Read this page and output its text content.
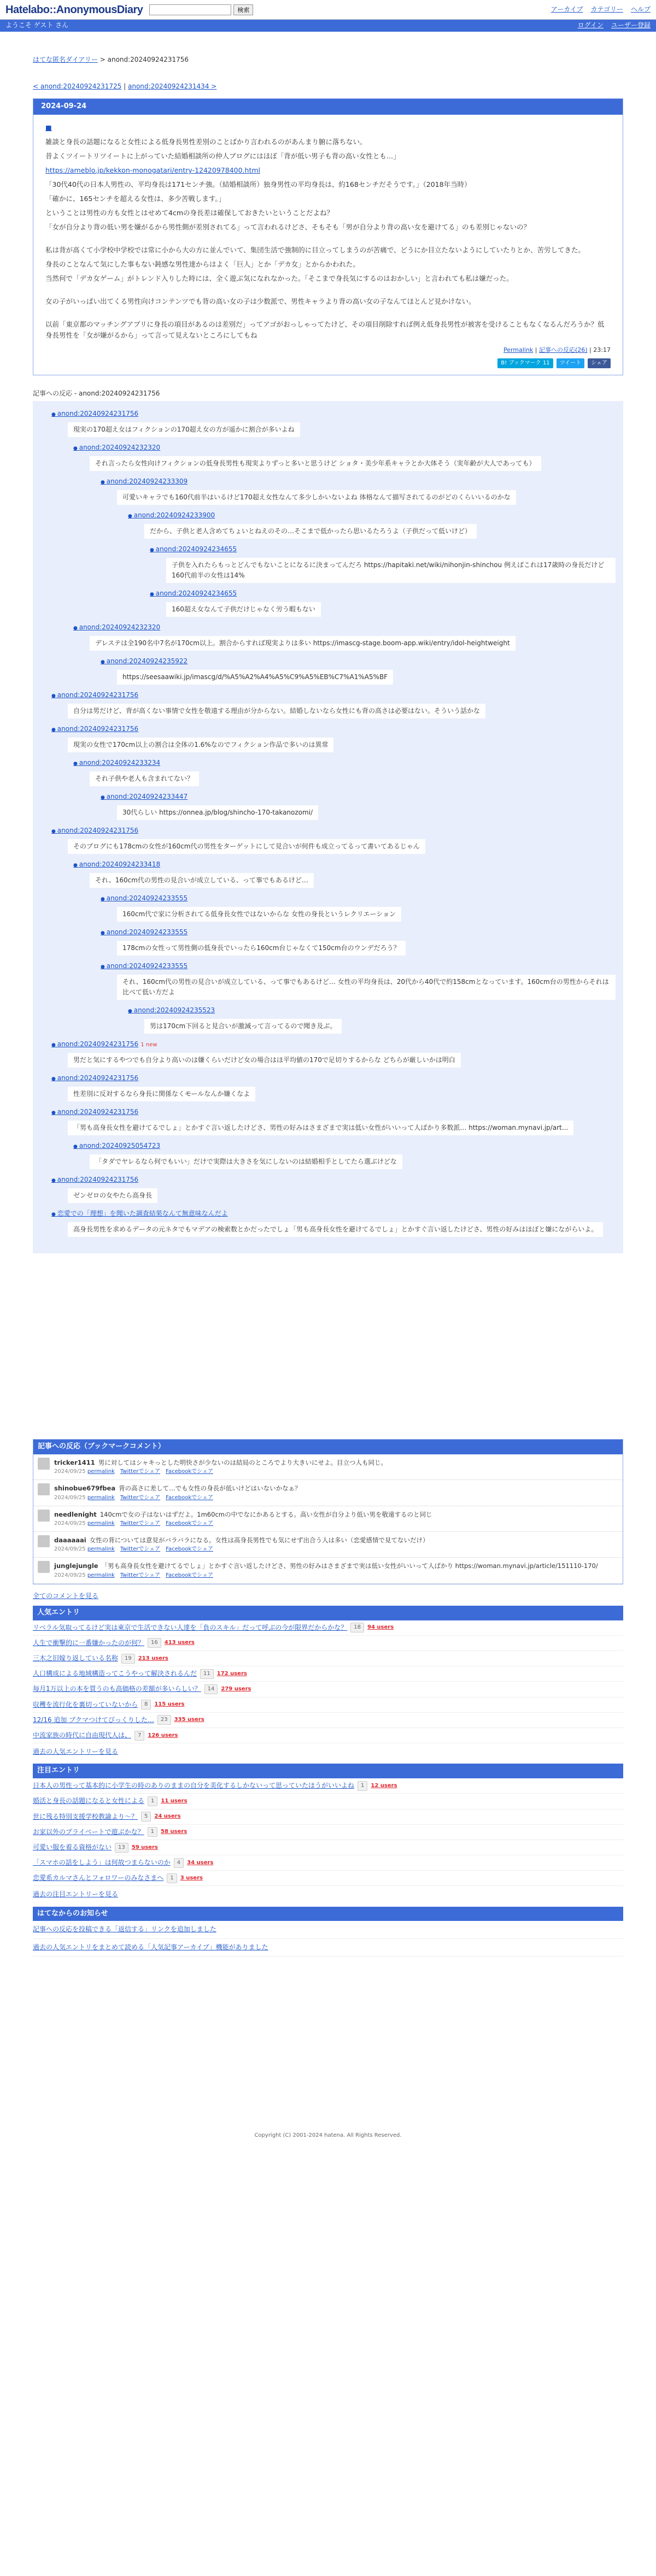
Hatelabo::AnonymousDiary	検索	アーカイブ カテゴリー ヘルプ
ようこそ ゲスト さん	ログイン ユーザー登録
はてな匿名ダイアリー > anond:20240924231756
< anond:20240924231725 | anond:20240924231434 >
2024-09-24

■

雑談と身長の話題になると女性による低身長男性差別のことばかり言われるのがあんまり腑に落ちない。

昔よくツイートリツイートに上がっていた結婚相談所の仲人ブログにはほぼ「背が低い男子も背の高い女性とも…」

https://ameblo.jp/kekkon-monogatari/entry-12420978400.html

「30代40代の日本人男性の、平均身長は171センチ強。（結婚相談所）独身男性の平均身長は、約168センチだそうです。」（2018年当時）

「確かに、165センチを超える女性は、多少苦戦します。」

ということは男性の方も女性とはせめて4cmの身長差は確保しておきたいということだよね？

「女が自分より背の低い男を嫌がるから男性側が差別されてる」って言われるけどさ、そもそも「男が自分より背の高い女を避けてる」のも差別じゃないの？

私は背が高くて小学校中学校では常に小から大の方に並んでいて、集団生活で強制的に目立ってしまうのが苦痛で、どうにか目立たないようにしていたりとか、苦労してきた。

身長のことなんて気にした事もない鈍感な男性達からはよく「巨人」とか「デカ女」とからかわれた。

当然何で「デカ女ゲーム」がトレンド入りした時には、全く遊ぶ気になれなかった。「そこまで身長気にするのはおかしい」と言われても私は嫌だった。

女の子がいっぱい出てくる男性向けコンテンツでも背の高い女の子は少数派で、男性キャラより背の高い女の子なんてほとんど見かけない。

以前「東京都のマッチングアプリに身長の項目があるのは差別だ」ってアゴがおっしゃってたけど、その項目削除すれば例え低身長男性が被害を受けることもなくなるんだろうか？低身長男性を「女が嫌がるから」って言って見えないところにしてもね

Permalink | 記事への反応(26) | 23:17
B! ブックマーク 11	ツイート	シェア
記事への反応 - anond:20240924231756
● anond:20240924231756
現実の170超え女はフィクションの170超え女の方が遥かに割合が多いよね
● anond:20240924232320
それ言ったら女性向けフィクションの低身長男性も現実よりずっと多いと思うけど ショタ・美少年系キャラとか大体そう（実年齢が大人であっても）
● anond:20240924233309
可愛いキャラでも160代前半はいるけど170超え女性なんて多少しかいないよね 体格なんて描写されてるのがどのくらいいるのかな
● anond:20240924233900
だから、子供と老人含めてちょいとねえのその…そこまで低かったら思いるたろうよ（子供だって低いけど）
● anond:20240924234655
子供を入れたらもっとどんでもないことになるに決まってんだろ https://hapitaki.net/wiki/nihonjin-shinchou 例えばこれは17歳時の身長だけど160代前半の女性は14%
● anond:20240924234655
160超え女なんて子供だけじゃなく労う暇もない
● anond:20240924232320
デレステは全190名中7名が170cm以上。割合からすれば現実よりは多い https://imascg-stage.boom-app.wiki/entry/idol-heightweight
● anond:20240924235922
https://seesaawiki.jp/imascg/d/%A5%A2%A4%A5%C9%A5%EB%C7%A1%A5%BF
● anond:20240924231756
自分は男だけど、背が高くない事情で女性を敬遠する理由が分からない。結婚しないなら女性にも背の高さは必要はない。そういう話かな
● anond:20240924231756
現実の女性で170cm以上の割合は全体の1.6%なのでフィクション作品で多いのは異常
● anond:20240924233234
それ子供や老人も含まれてない？
● anond:20240924233447
30代らしい https://onnea.jp/blog/shincho-170-takanozomi/
● anond:20240924231756
そのブログにも178cmの女性が160cm代の男性をターゲットにして見合いが何件も成立ってるって書いてあるじゃん
● anond:20240924233418
それ、160cm代の男性の見合いが成立している、って事でもあるけど…
● anond:20240924233555
160cm代で家に分析されてる低身長女性ではないからな 女性の身長というレクリエーション
● anond:20240924233555
178cmの女性って男性側の低身長でいったら160cm台じゃなくて150cm台のウンデだろう？
● anond:20240924233555
それ、160cm代の男性の見合いが成立している、って事でもあるけど… 女性の平均身長は、20代から40代で約158cmとなっています。160cm台の男性からそれは比べて低い方だよ
● anond:20240924235523
男は170cm下回ると見合いが激減って言ってるので聞き及ぶ。
● anond:20240924231756 1 new
男だと気にするやつでも自分より高いのは嫌くらいだけど女の場合はほ平均値の170で足切りするからな どちらが厳しいかは明白
● anond:20240924231756
性差別に反対するなら身長に関係なくモールなんか嫌くなよ
● anond:20240924231756
「男も高身長女性を避けてるでしょ」とかすぐ言い返したけどさ、男性の好みはさまざまで実は低い女性がいいって人ばかり多数派… https://woman.mynavi.jp/art...
● anond:20240925054723
「タダでヤレるなら何でもいい」だけで実際は大きさを気にしないのは結婚相手としてたら選ぶけどな
● anond:20240924231756
ゼンゼロの女やたら高身長
● 恋愛での「理想」を聞いた調査結果なんて無意味なんだよ
高身長男性を求めるデータの元ネタでもマデアの検索数とかだったでしょ「男も高身長女性を避けてるでしょ」とかすぐ言い返したけどさ、男性の好みはほぼと嫌にながらいよ。
記事への反応（ブックマークコメント）
tricker1411 男に対してはシャキっとした明快さが少ないのは結局のところでより大きいにせよ。目立つ人も同じ。
2024/09/25 permalink Twitterでシェア Facebookでシェア
shinobue679fbea 背の高さに差して…でも女性の身長が低いけどはいないかなぁ？
2024/09/25 permalink Twitterでシェア Facebookでシェア
needlenight 140cmで女の子はないはずだよ。1m60cmの中でなにかあるとする。高い女性が自分より低い男を敬遠するのと同じ
2024/09/25 permalink Twitterでシェア Facebookでシェア
daaaaaai 女性の背については意見がバラバラになる。女性は高身長男性でも気にせず出合う人は多い（恋愛感情で見てないだけ）
2024/09/25 permalink Twitterでシェア Facebookでシェア
junglejungle 「男も高身長女性を避けてるでしょ」とかすぐ言い返したけどさ、男性の好みはさまざまで実は低い女性がいいって人ばかり https://woman.mynavi.jp/article/151110-170/
2024/09/25 permalink Twitterでシェア Facebookでシェア
全てのコメントを見る
人気エントリ
リベラル気取ってるけど実は東京で生活できない人達を「負のスキル」だって呼ぶの今が限界だからかな？	18	94 users
人生で衝撃的に一番嫌かったのが何？	16	413 users
三木之旧嫁り返している名称	19	213 users
人口構成による地域構造ってこうやって解決されるんだ	11	172 users
毎月1万以上の本を買うのも高価格の差額が多いらしい？	14	279 users
収穫を流行化を裏切っていないから	8	115 users
12/16 追加 ブクマつけてびっくりした…	23	335 users
中流家族の時代に自由現代人は、	7	126 users
過去の人気エントリーを見る
注目エントリ
日本人の男性って基本的に小学生の時のありのままの自分を美化するしかないって思っていたほうがいいよね	1	12 users
婚活と身長の話題になると女性による	1	11 users
世に残る特別支援学校教諭より〜？	5	24 users
お家以外のプライベートで遊ぶかな？	1	58 users
可愛い服を着る資格がない	13	59 users
「スマホの話をしよう」は何故つまらないのか	4	34 users
恋愛系カルマさんとフォロワーのみなさまへ	1	3 users
過去の注目エントリーを見る
はてなからのお知らせ
記事への反応を投稿できる「返信する」リンクを追加しました
過去の人気エントリをまとめて読める「人気記事アーカイブ」機能がありました
Copyright (C) 2001-2024 hatena. All Rights Reserved.
